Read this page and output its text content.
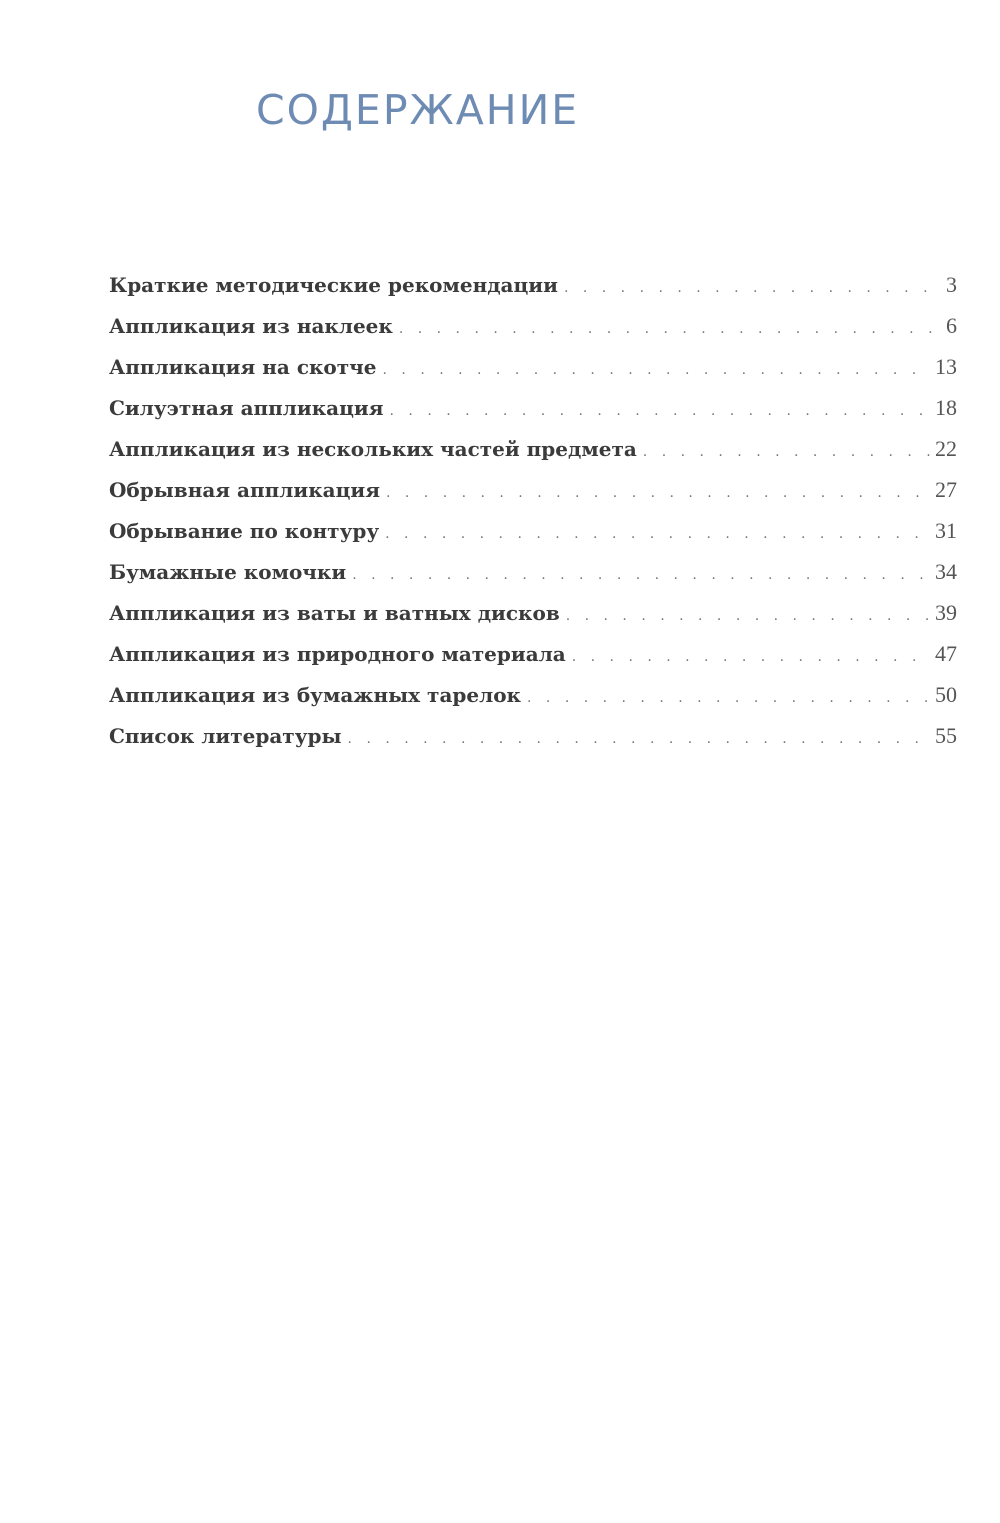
СОДЕРЖАНИЕ
Краткие методические рекомендации . . .	3
Аппликация из наклеек . . .	6
Аппликация на скотче . . .	13
Силуэтная аппликация . . .	18
Аппликация из нескольких частей предмета . . .	22
Обрывная аппликация . . .	27
Обрывание по контуру . . .	31
Бумажные комочки . . .	34
Аппликация из ваты и ватных дисков . . .	39
Аппликация из природного материала . . .	47
Аппликация из бумажных тарелок . . .	50
Список литературы . . .	55
